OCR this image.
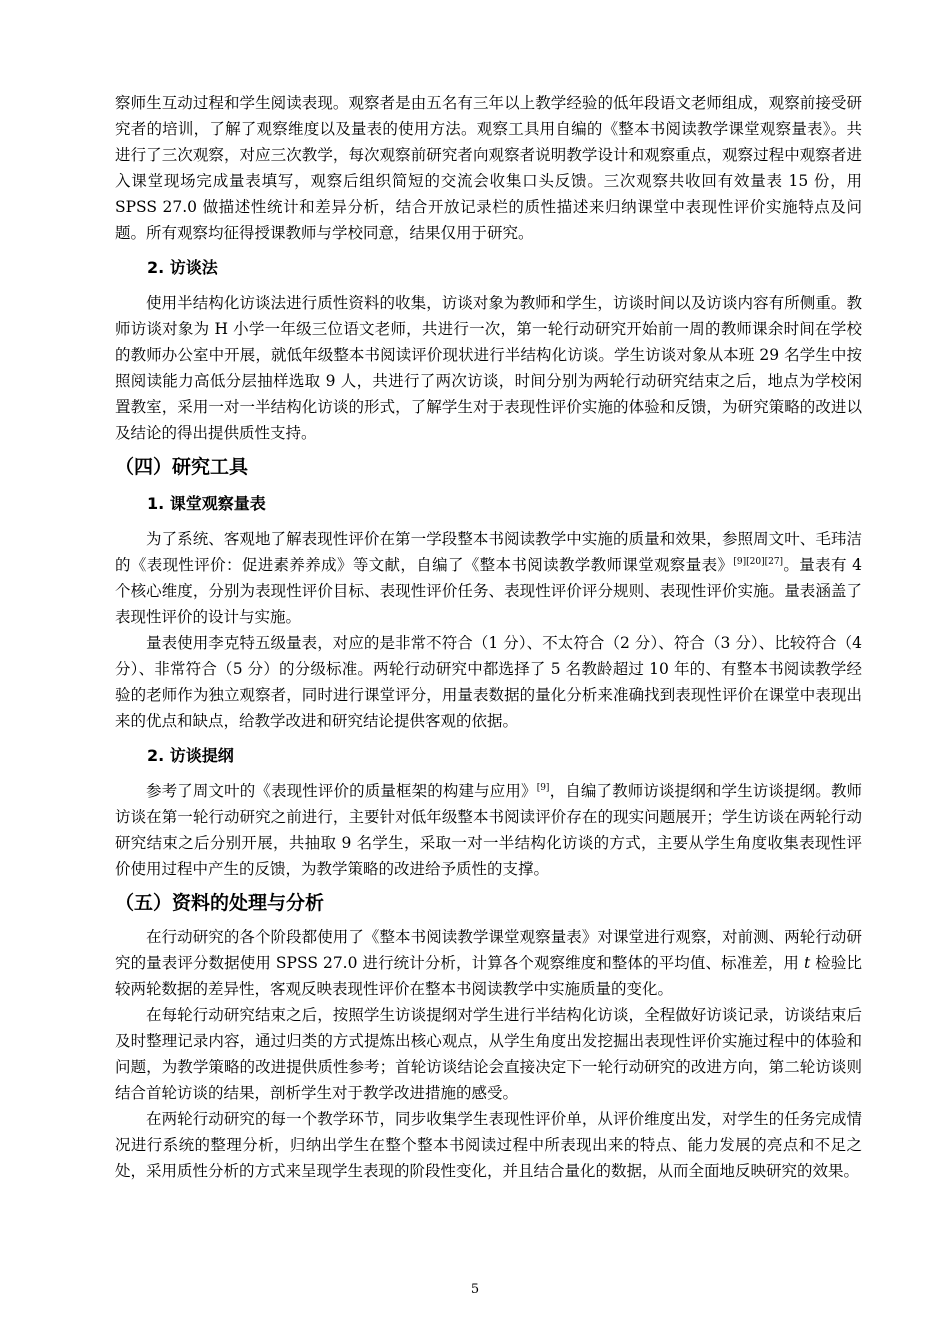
察师生互动过程和学生阅读表现。观察者是由五名有三年以上教学经验的低年段语文老师组成，观察前接受研究者的培训，了解了观察维度以及量表的使用方法。观察工具用自编的《整本书阅读教学课堂观察量表》。共进行了三次观察，对应三次教学，每次观察前研究者向观察者说明教学设计和观察重点，观察过程中观察者进入课堂现场完成量表填写，观察后组织简短的交流会收集口头反馈。三次观察共收回有效量表 15 份，用 SPSS 27.0 做描述性统计和差异分析，结合开放记录栏的质性描述来归纳课堂中表现性评价实施特点及问题。所有观察均征得授课教师与学校同意，结果仅用于研究。

2. 访谈法

使用半结构化访谈法进行质性资料的收集，访谈对象为教师和学生，访谈时间以及访谈内容有所侧重。教师访谈对象为 H 小学一年级三位语文老师，共进行一次，第一轮行动研究开始前一周的教师课余时间在学校的教师办公室中开展，就低年级整本书阅读评价现状进行半结构化访谈。学生访谈对象从本班 29 名学生中按照阅读能力高低分层抽样选取 9 人，共进行了两次访谈，时间分别为两轮行动研究结束之后，地点为学校闲置教室，采用一对一半结构化访谈的形式，了解学生对于表现性评价实施的体验和反馈，为研究策略的改进以及结论的得出提供质性支持。

（四）研究工具
1. 课堂观察量表

为了系统、客观地了解表现性评价在第一学段整本书阅读教学中实施的质量和效果，参照周文叶、毛玮洁的《表现性评价：促进素养养成》等文献，自编了《整本书阅读教学教师课堂观察量表》[9][20][27]。量表有 4 个核心维度，分别为表现性评价目标、表现性评价任务、表现性评价评分规则、表现性评价实施。量表涵盖了表现性评价的设计与实施。

量表使用李克特五级量表，对应的是非常不符合（1 分）、不太符合（2 分）、符合（3 分）、比较符合（4 分）、非常符合（5 分）的分级标准。两轮行动研究中都选择了 5 名教龄超过 10 年的、有整本书阅读教学经验的老师作为独立观察者，同时进行课堂评分，用量表数据的量化分析来准确找到表现性评价在课堂中表现出来的优点和缺点，给教学改进和研究结论提供客观的依据。

2. 访谈提纲

参考了周文叶的《表现性评价的质量框架的构建与应用》[9]，自编了教师访谈提纲和学生访谈提纲。教师访谈在第一轮行动研究之前进行，主要针对低年级整本书阅读评价存在的现实问题展开；学生访谈在两轮行动研究结束之后分别开展，共抽取 9 名学生，采取一对一半结构化访谈的方式，主要从学生角度收集表现性评价使用过程中产生的反馈，为教学策略的改进给予质性的支撑。

（五）资料的处理与分析

在行动研究的各个阶段都使用了《整本书阅读教学课堂观察量表》对课堂进行观察，对前测、两轮行动研究的量表评分数据使用 SPSS 27.0 进行统计分析，计算各个观察维度和整体的平均值、标准差，用 t 检验比较两轮数据的差异性，客观反映表现性评价在整本书阅读教学中实施质量的变化。

在每轮行动研究结束之后，按照学生访谈提纲对学生进行半结构化访谈，全程做好访谈记录，访谈结束后及时整理记录内容，通过归类的方式提炼出核心观点，从学生角度出发挖掘出表现性评价实施过程中的体验和问题，为教学策略的改进提供质性参考；首轮访谈结论会直接决定下一轮行动研究的改进方向，第二轮访谈则结合首轮访谈的结果，剖析学生对于教学改进措施的感受。

在两轮行动研究的每一个教学环节，同步收集学生表现性评价单，从评价维度出发，对学生的任务完成情况进行系统的整理分析，归纳出学生在整个整本书阅读过程中所表现出来的特点、能力发展的亮点和不足之处，采用质性分析的方式来呈现学生表现的阶段性变化，并且结合量化的数据，从而全面地反映研究的效果。

5
